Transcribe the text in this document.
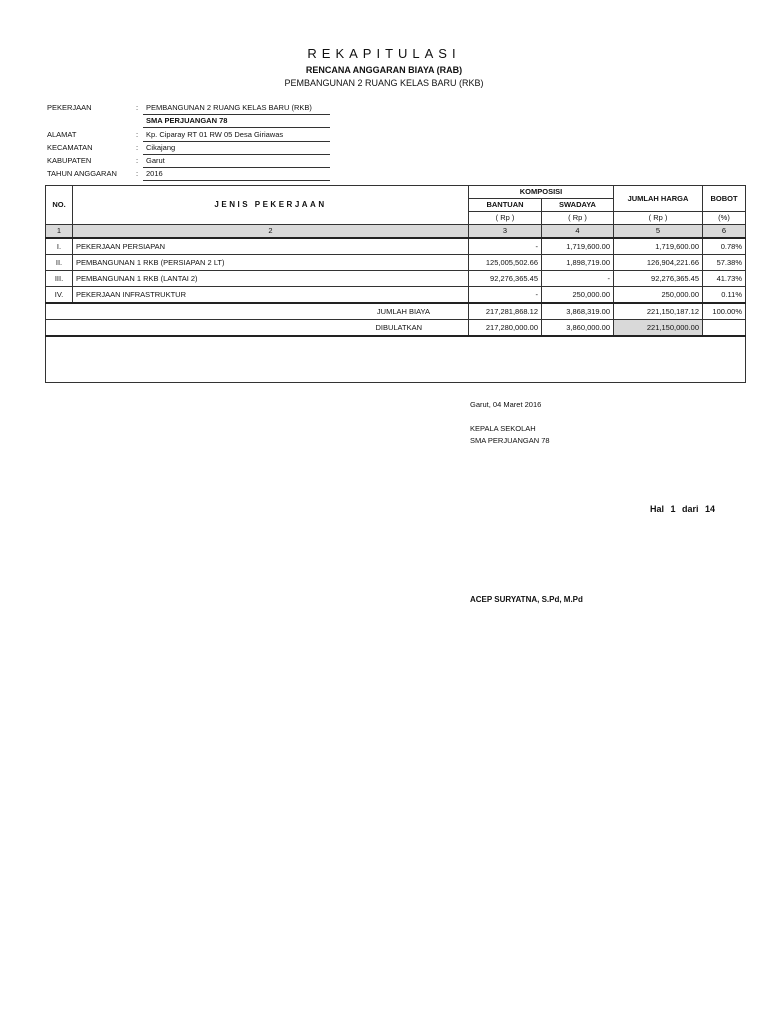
REKAPITULASI
RENCANA ANGGARAN BIAYA (RAB)
PEMBANGUNAN 2 RUANG KELAS BARU (RKB)
PEKERJAAN	: PEMBANGUNAN 2 RUANG KELAS BARU (RKB)
SMA PERJUANGAN 78
ALAMAT	: Kp. Ciparay RT 01 RW 05 Desa Giriawas
KECAMATAN	: Cikajang
KABUPATEN	: Garut
TAHUN ANGGARAN	: 2016
NO.	JENIS PEKERJAAN	KOMPOSISI		JUMLAH HARGA	BOBOT
		BANTUAN	SWADAYA		
		( Rp )	( Rp )	( Rp )	(%)
1	2	3	4	5	6
I.	PEKERJAAN PERSIAPAN	-	1,719,600.00	1,719,600.00	0.78%
II.	PEMBANGUNAN 1 RKB (PERSIAPAN 2 LT)	125,005,502.66	1,898,719.00	126,904,221.66	57.38%
III.	PEMBANGUNAN 1 RKB (LANTAI 2)	92,276,365.45	-	92,276,365.45	41.73%
IV.	PEKERJAAN INFRASTRUKTUR	-	250,000.00	250,000.00	0.11%
JUMLAH BIAYA		217,281,868.12	3,868,319.00	221,150,187.12	100.00%
DIBULATKAN		217,280,000.00	3,860,000.00	221,150,000.00	

Garut, 04 Maret 2016
KEPALA SEKOLAH
SMA PERJUANGAN 78
Hal 1 dari 14
ACEP SURYATNA, S.Pd, M.Pd
